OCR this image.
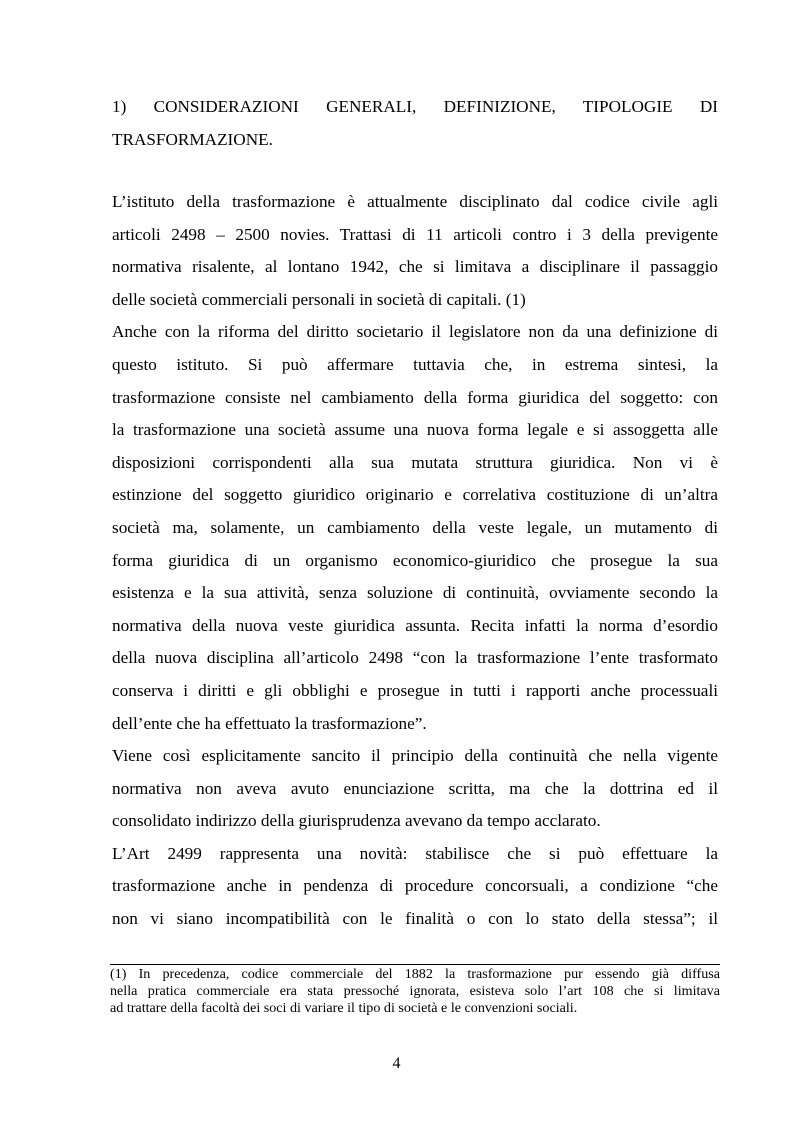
1) CONSIDERAZIONI GENERALI, DEFINIZIONE, TIPOLOGIE DI
TRASFORMAZIONE.
L’istituto della trasformazione è attualmente disciplinato dal codice civile agli
articoli 2498 – 2500 novies. Trattasi di 11 articoli contro i 3 della previgente
normativa risalente, al lontano 1942, che si limitava a disciplinare il passaggio
delle società commerciali personali in società di capitali. (1)
Anche con la riforma del diritto societario il legislatore non da una definizione di
questo istituto. Si può affermare tuttavia che, in estrema sintesi, la
trasformazione consiste nel cambiamento della forma giuridica del soggetto: con
la trasformazione una società assume una nuova forma legale e si assoggetta alle
disposizioni corrispondenti alla sua mutata struttura giuridica. Non vi è
estinzione del soggetto giuridico originario e correlativa costituzione di un’altra
società ma, solamente, un cambiamento della veste legale, un mutamento di
forma giuridica di un organismo economico-giuridico che prosegue la sua
esistenza e la sua attività, senza soluzione di continuità, ovviamente secondo la
normativa della nuova veste giuridica assunta. Recita infatti la norma d’esordio
della nuova disciplina all’articolo 2498 “con la trasformazione l’ente trasformato
conserva i diritti e gli obblighi e prosegue in tutti i rapporti anche processuali
dell’ente che ha effettuato la trasformazione”.
Viene così esplicitamente sancito il principio della continuità che nella vigente
normativa non aveva avuto enunciazione scritta, ma che la dottrina ed il
consolidato indirizzo della giurisprudenza avevano da tempo acclarato.
L’Art 2499 rappresenta una novità: stabilisce che si può effettuare la
trasformazione anche in pendenza di procedure concorsuali, a condizione “che
non vi siano incompatibilità con le finalità o con lo stato della stessa”; il
(1) In precedenza, codice commerciale del 1882 la trasformazione pur essendo già diffusa
nella pratica commerciale era stata pressoché ignorata, esisteva solo l’art 108 che si limitava
ad trattare della facoltà dei soci di variare il tipo di società e le convenzioni sociali.
4
